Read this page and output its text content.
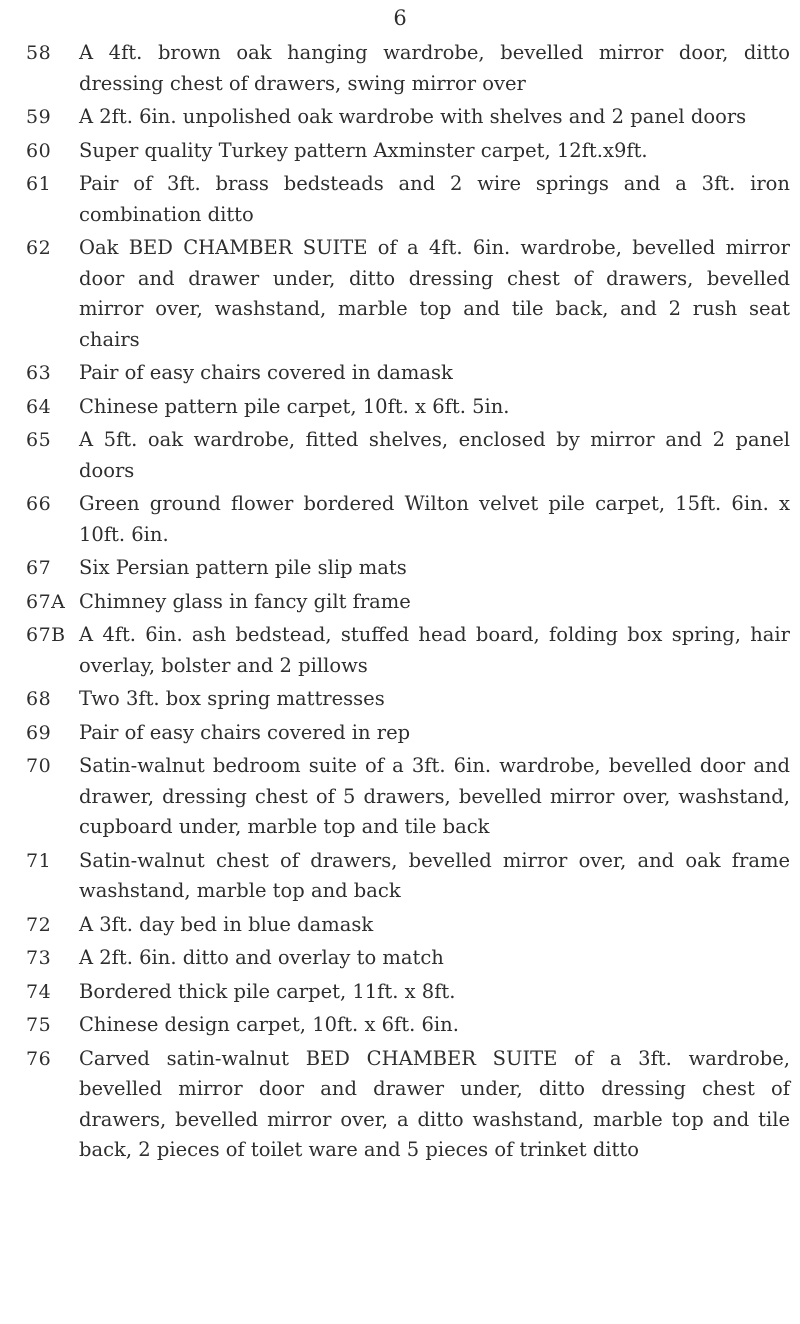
6
58	A 4ft. brown oak hanging wardrobe, bevelled mirror door, ditto dressing chest of drawers, swing mirror over
59	A 2ft. 6in. unpolished oak wardrobe with shelves and 2 panel doors
60	Super quality Turkey pattern Axminster carpet, 12ft.x9ft.
61	Pair of 3ft. brass bedsteads and 2 wire springs and a 3ft. iron combination ditto
62	Oak BED CHAMBER SUITE of a 4ft. 6in. wardrobe, bevelled mirror door and drawer under, ditto dressing chest of drawers, bevelled mirror over, washstand, marble top and tile back, and 2 rush seat chairs
63	Pair of easy chairs covered in damask
64	Chinese pattern pile carpet, 10ft. x 6ft. 5in.
65	A 5ft. oak wardrobe, fitted shelves, enclosed by mirror and 2 panel doors
66	Green ground flower bordered Wilton velvet pile carpet, 15ft. 6in. x 10ft. 6in.
67	Six Persian pattern pile slip mats
67A Chimney glass in fancy gilt frame
67B A 4ft. 6in. ash bedstead, stuffed head board, folding box spring, hair overlay, bolster and 2 pillows
68	Two 3ft. box spring mattresses
69	Pair of easy chairs covered in rep
70	Satin-walnut bedroom suite of a 3ft. 6in. wardrobe, bevelled door and drawer, dressing chest of 5 drawers, bevelled mirror over, washstand, cupboard under, marble top and tile back
71	Satin-walnut chest of drawers, bevelled mirror over, and oak frame washstand, marble top and back
72	A 3ft. day bed in blue damask
73	A 2ft. 6in. ditto and overlay to match
74	Bordered thick pile carpet, 11ft. x 8ft.
75	Chinese design carpet, 10ft. x 6ft. 6in.
76	Carved satin-walnut BED CHAMBER SUITE of a 3ft. wardrobe, bevelled mirror door and drawer under, ditto dressing chest of drawers, bevelled mirror over, a ditto washstand, marble top and tile back, 2 pieces of toilet ware and 5 pieces of trinket ditto
